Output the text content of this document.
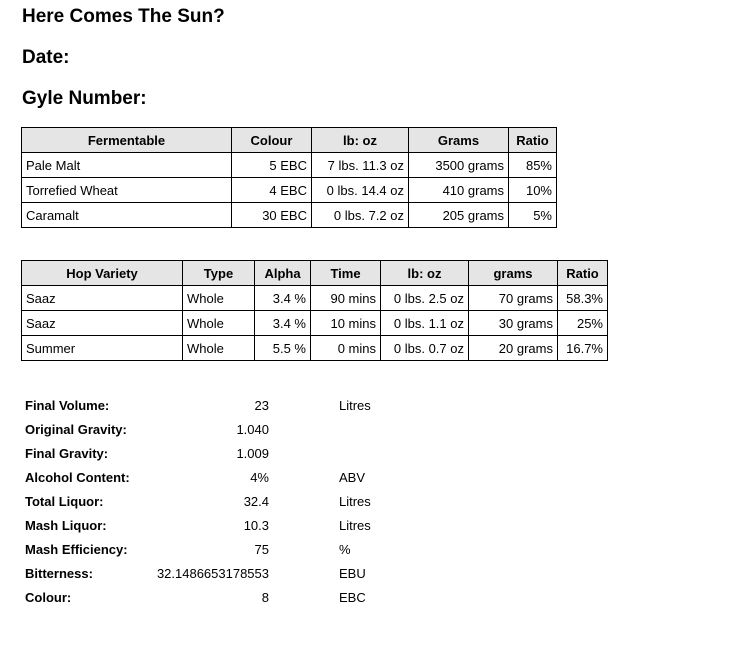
Here Comes The Sun?
Date:
Gyle Number:
Fermentable	Colour	lb: oz	Grams	Ratio
Pale Malt	5 EBC	7 lbs. 11.3 oz	3500 grams	85%
Torrefied Wheat	4 EBC	0 lbs. 14.4 oz	410 grams	10%
Caramalt	30 EBC	0 lbs. 7.2 oz	205 grams	5%
Hop Variety	Type	Alpha	Time	lb: oz	grams	Ratio
Saaz	Whole	3.4 %	90 mins	0 lbs. 2.5 oz	70 grams	58.3%
Saaz	Whole	3.4 %	10 mins	0 lbs. 1.1 oz	30 grams	25%
Summer	Whole	5.5 %	0 mins	0 lbs. 0.7 oz	20 grams	16.7%
Final Volume:	23	Litres
Original Gravity:	1.040	
Final Gravity:	1.009	
Alcohol Content:	4%	ABV
Total Liquor:	32.4	Litres
Mash Liquor:	10.3	Litres
Mash Efficiency:	75	%
Bitterness:	32.1486653178553	EBU
Colour:	8	EBC
